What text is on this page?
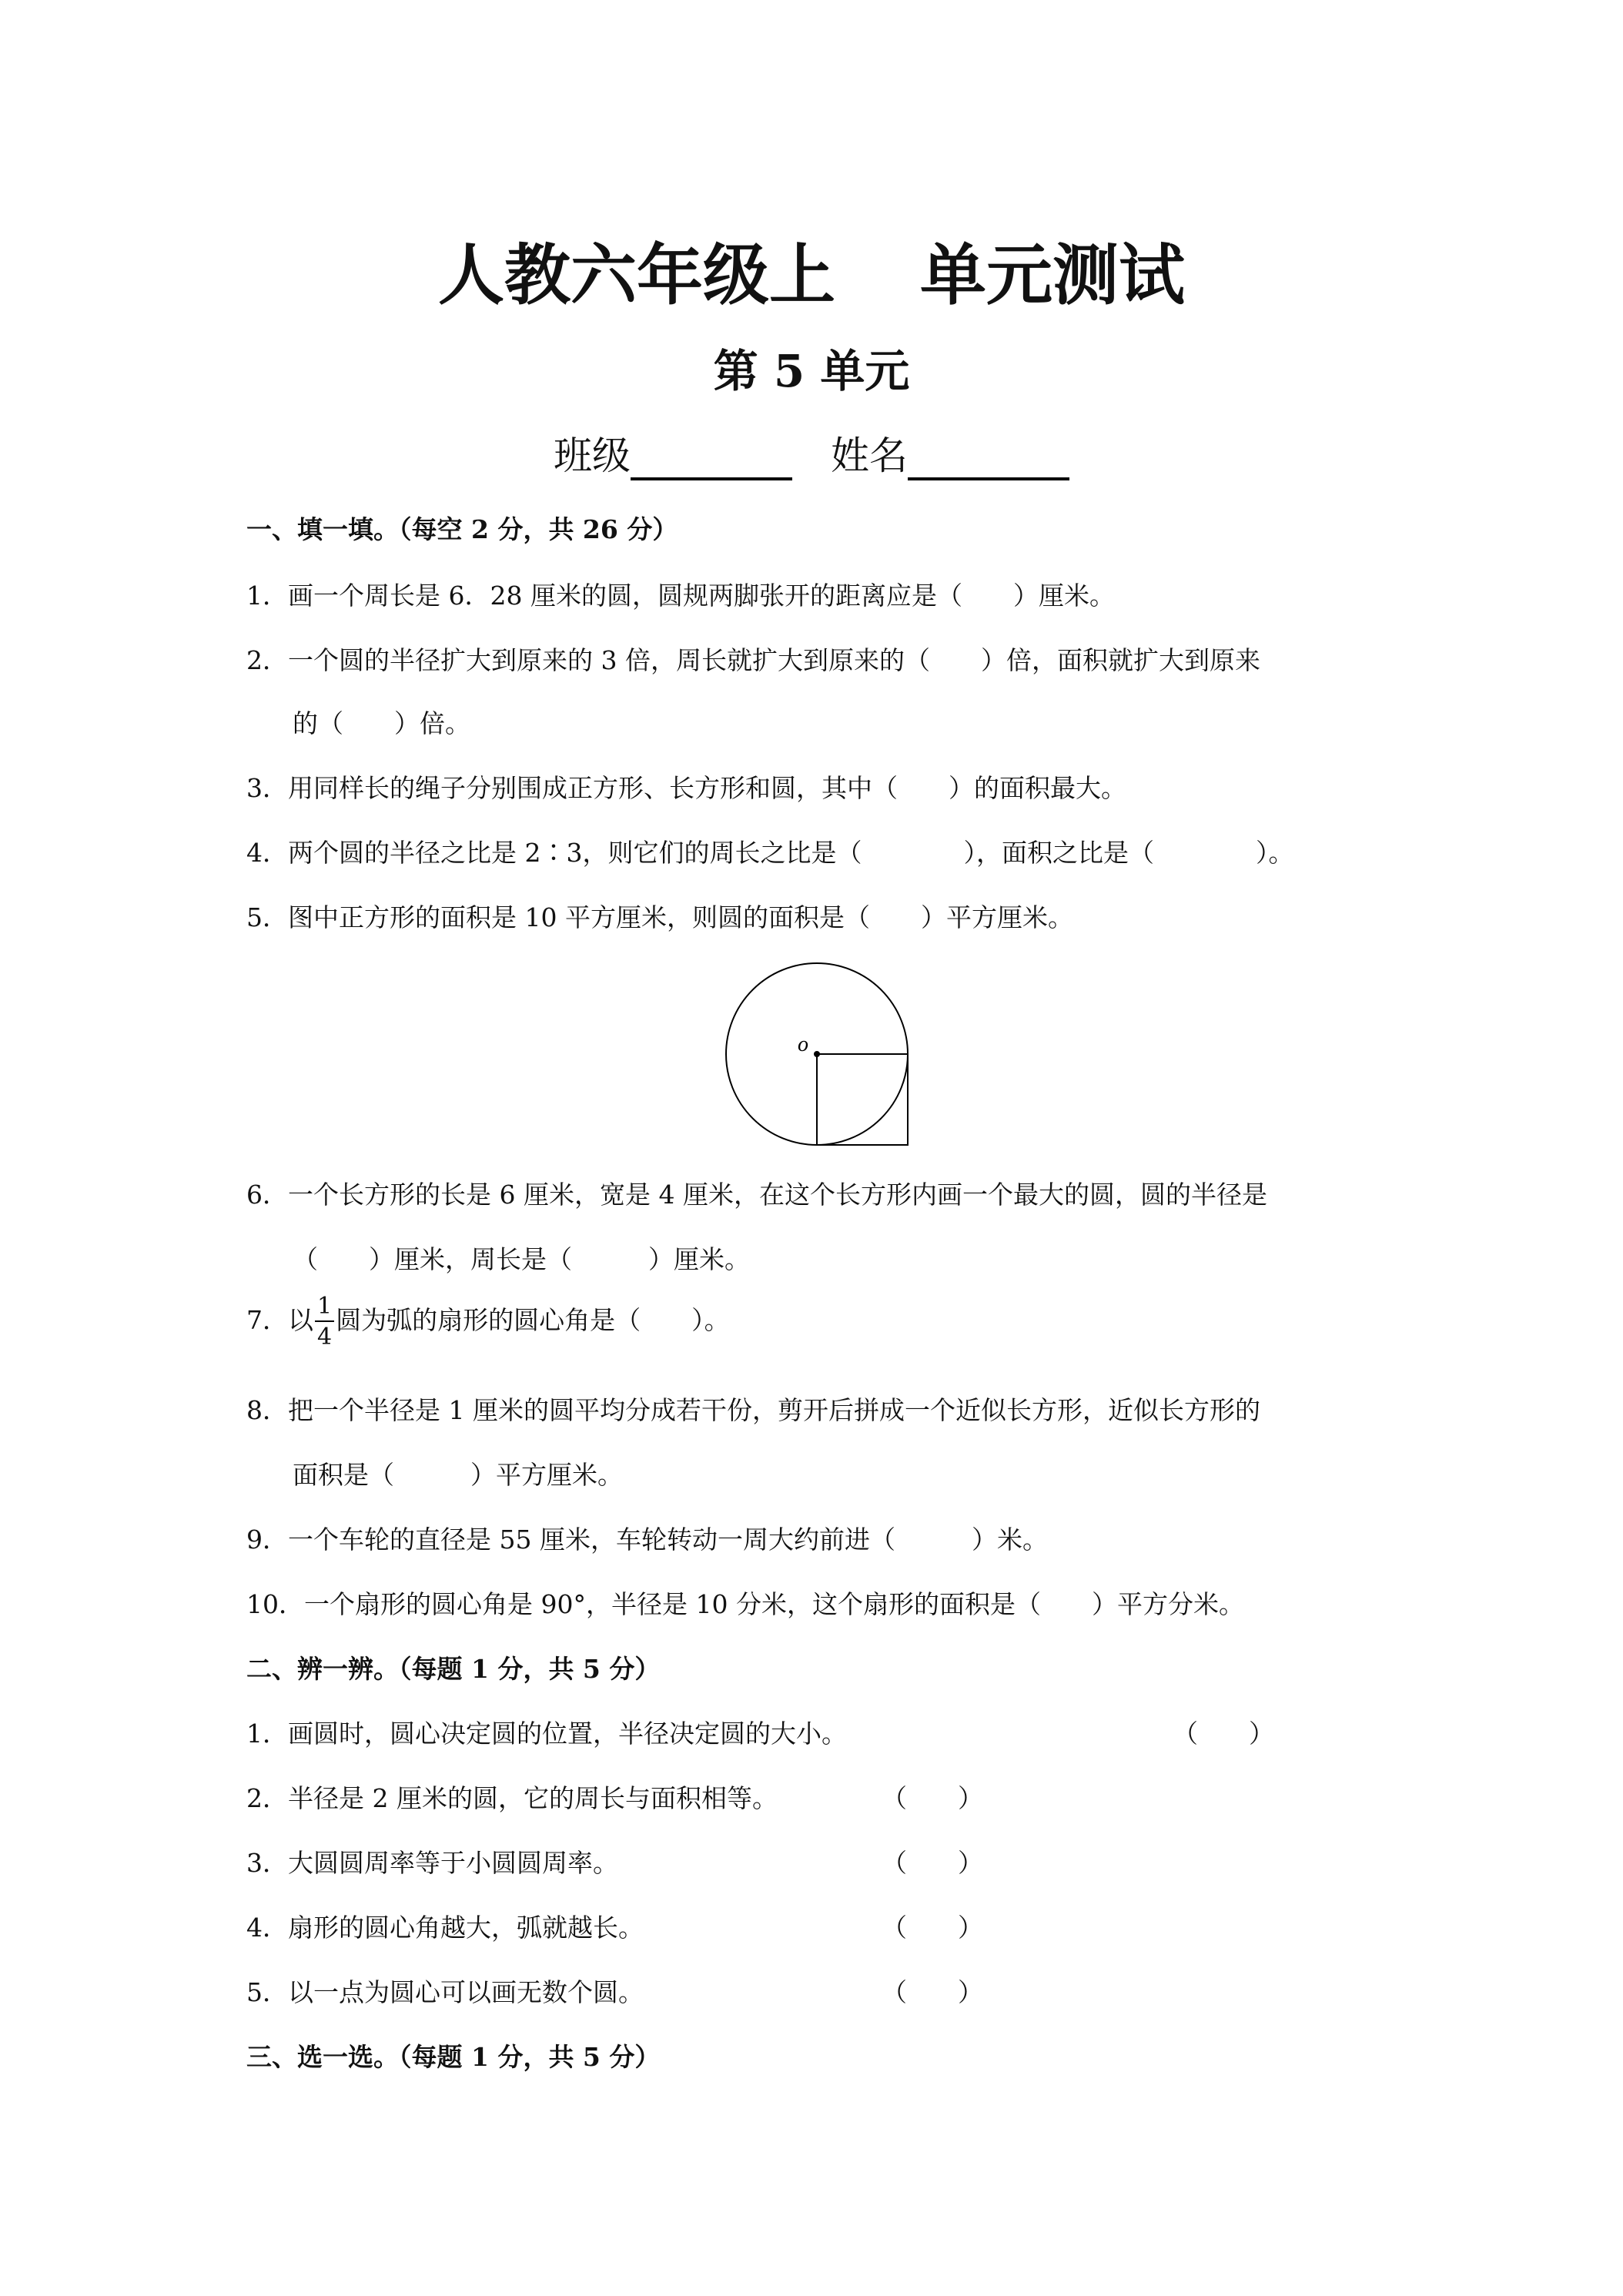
人教六年级上 单元测试
第 5 单元
班级	姓名
一、填一填。（每空 2 分，共 26 分）
1．画一个周长是 6．28 厘米的圆，圆规两脚张开的距离应是（　　）厘米。
2．一个圆的半径扩大到原来的 3 倍，周长就扩大到原来的（　　）倍，面积就扩大到原来
的（　　）倍。
3．用同样长的绳子分别围成正方形、长方形和圆，其中（　　）的面积最大。
4．两个圆的半径之比是 2∶3，则它们的周长之比是（　　　　），面积之比是（　　　　）。
5．图中正方形的面积是 10 平方厘米，则圆的面积是（　　）平方厘米。
o
6．一个长方形的长是 6 厘米，宽是 4 厘米，在这个长方形内画一个最大的圆，圆的半径是
（　　）厘米，周长是（　　　）厘米。
7．以 $\frac{1}{4}$ 圆为弧的扇形的圆心角是（　　）。
8．把一个半径是 1 厘米的圆平均分成若干份，剪开后拼成一个近似长方形，近似长方形的
面积是（　　　）平方厘米。
9．一个车轮的直径是 55 厘米，车轮转动一周大约前进（　　　）米。
10．一个扇形的圆心角是 90°，半径是 10 分米，这个扇形的面积是（　　）平方分米。
二、辨一辨。（每题 1 分，共 5 分）
1．画圆时，圆心决定圆的位置，半径决定圆的大小。	（　　）
2．半径是 2 厘米的圆，它的周长与面积相等。	（　　）
3．大圆圆周率等于小圆圆周率。	（　　）
4．扇形的圆心角越大，弧就越长。	（　　）
5．以一点为圆心可以画无数个圆。	（　　）
三、选一选。（每题 1 分，共 5 分）
